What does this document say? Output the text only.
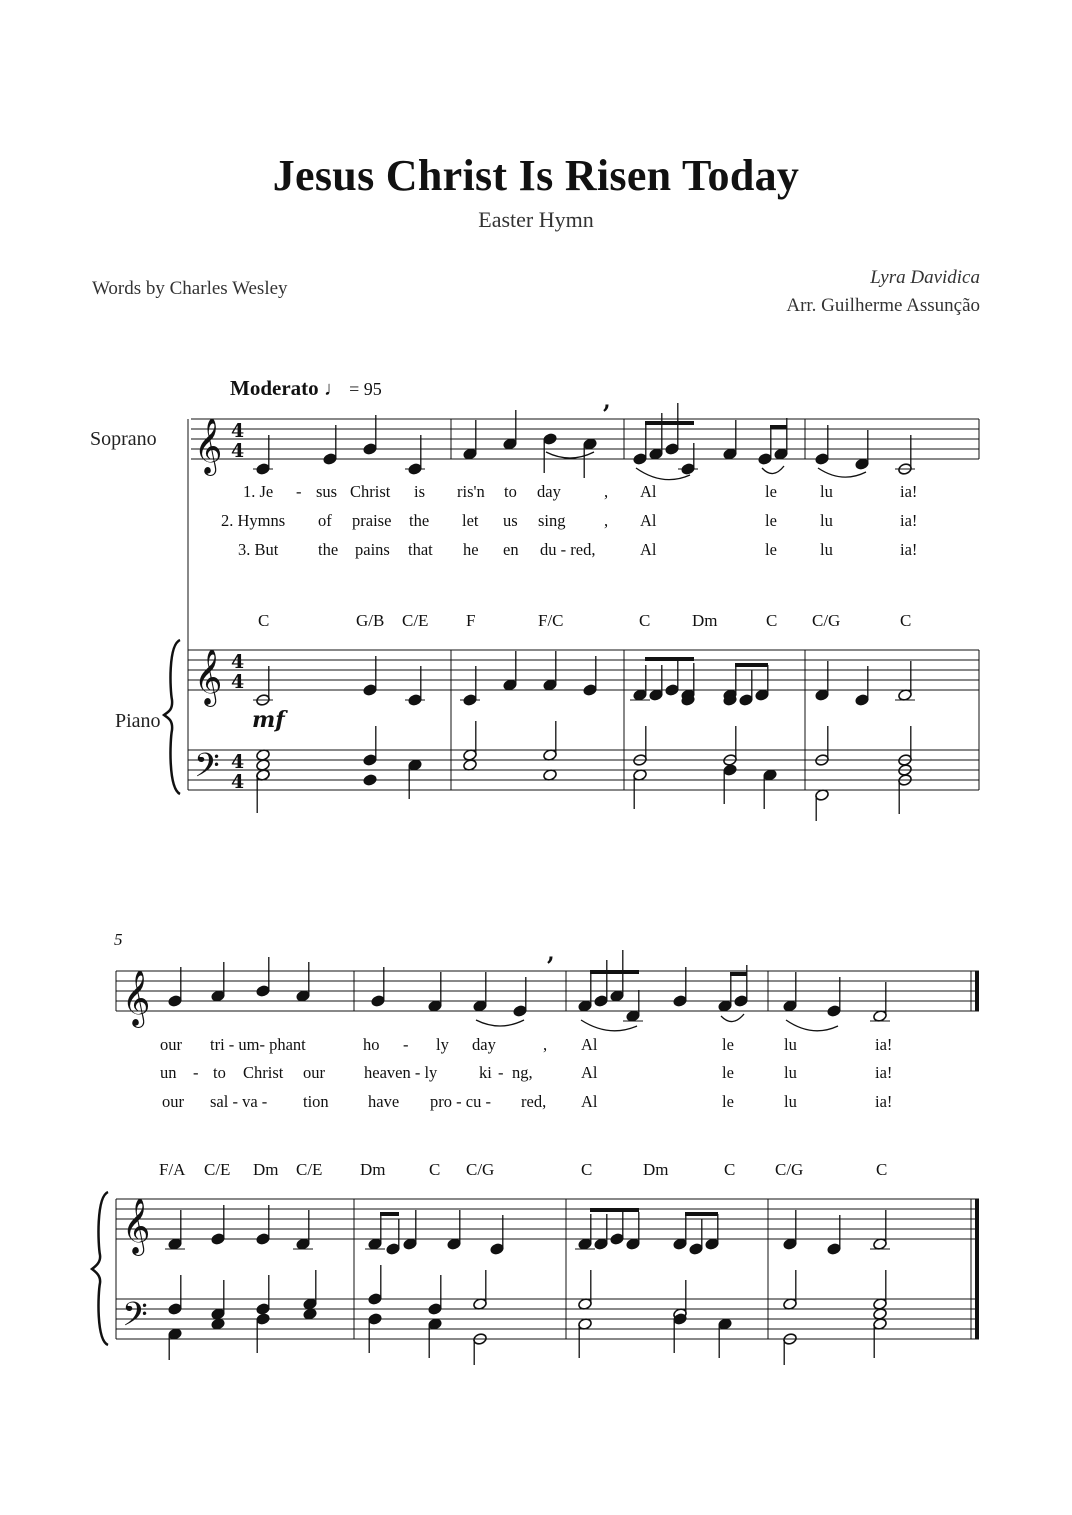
Jesus Christ Is Risen Today
Easter Hymn
Words by Charles Wesley
Lyra Davidica
Arr. Guilherme Assunção
Moderato ♩ = 95
Soprano
Piano
5
1. Je - sus Christ is ris'n to day	, Al	le	lu	ia!
2. Hymns of praise the let us sing , Al	le	lu	ia!
3. But the pains that he en du - red,	Al	le	lu	ia!
C	G/B C/E F	F/C	C Dm	C C/G	C
our tri - um- phant	ho - ly day	, Al	le	lu	ia!
un - to Christ our heaven - ly	ki - ng,	Al	le	lu	ia!
our sal - va - tion have pro - cu - red, Al	le	lu	ia!
F/A C/E Dm C/E Dm	C C/G	C	Dm	C C/G	C
𝄞
𝄞
𝄢
𝄞
𝄞
𝄢
4
4
4
4
4
4
mf
,
,
